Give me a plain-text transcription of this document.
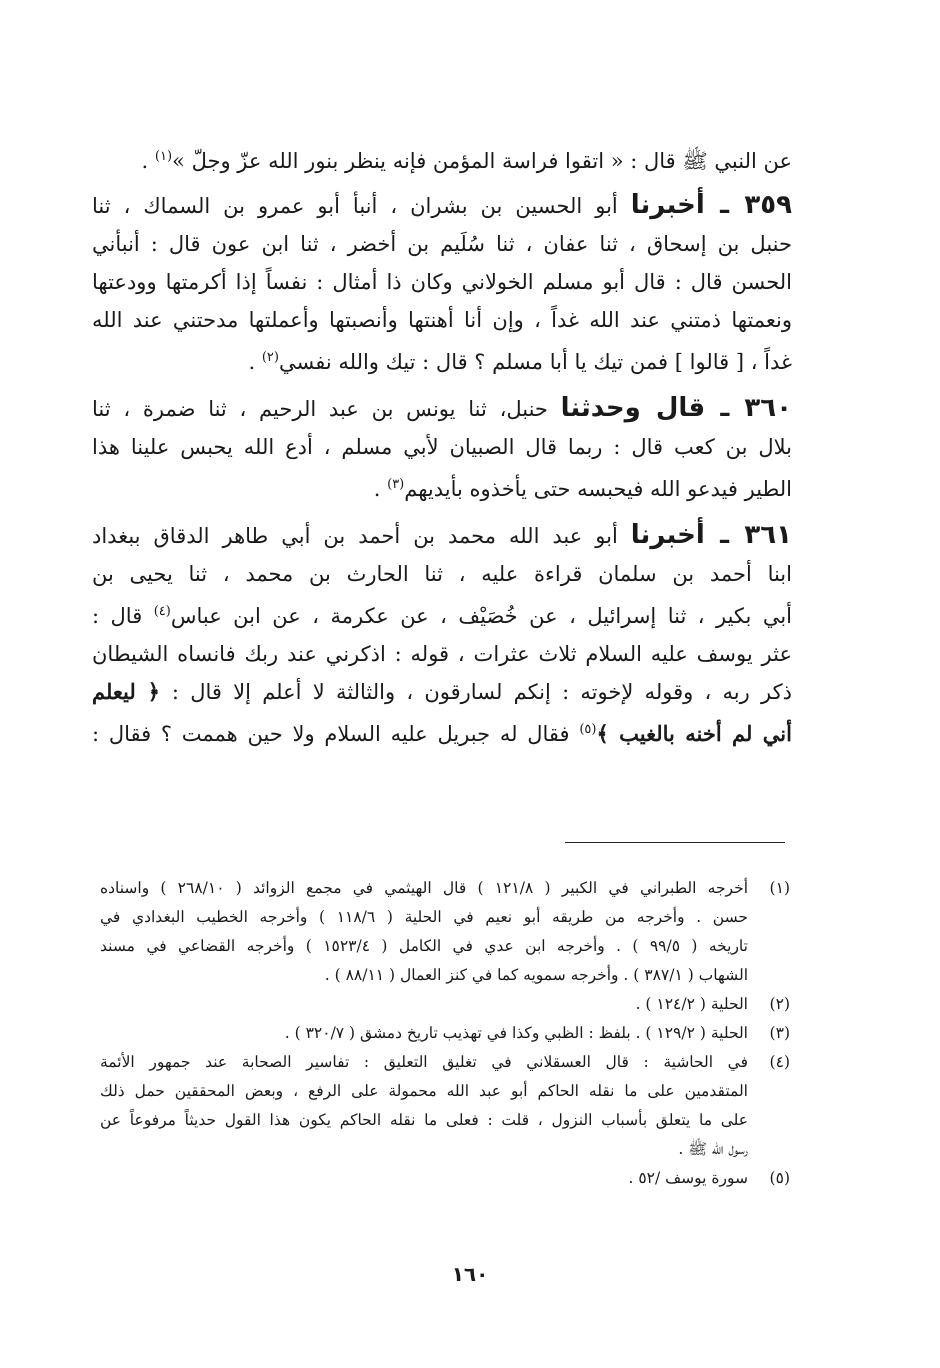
عن النبي ﷺ قال : « اتقوا فراسة المؤمن فإنه ينظر بنور الله عزّ وجلّ »$^{(١)}$ .
٣٥٩ ـ أخبرنا أبو الحسين بن بشران ، أنبأ أبو عمرو بن السماك ، ثنا
حنبل بن إسحاق ، ثنا عفان ، ثنا سُلَيم بن أخضر ، ثنا ابن عون قال : أنبأني
الحسن قال : قال أبو مسلم الخولاني وكان ذا أمثال : نفساً إذا أكرمتها وودعتها
ونعمتها ذمتني عند الله غداً ، وإن أنا أهنتها وأنصبتها وأعملتها مدحتني عند الله
غداً ، [ قالوا ] فمن تيك يا أبا مسلم ؟ قال : تيك والله نفسي$^{(٢)}$ .
٣٦٠ ـ قال وحدثنا حنبل، ثنا يونس بن عبد الرحيم ، ثنا ضمرة ، ثنا
بلال بن كعب قال : ربما قال الصبيان لأبي مسلم ، أدع الله يحبس علينا هذا
الطير فيدعو الله فيحبسه حتى يأخذوه بأيديهم$^{(٣)}$ .
٣٦١ ـ أخبرنا أبو عبد الله محمد بن أحمد بن أبي طاهر الدقاق ببغداد
ابنا أحمد بن سلمان قراءة عليه ، ثنا الحارث بن محمد ، ثنا يحيى بن
أبي بكير ، ثنا إسرائيل ، عن خُصَيْف ، عن عكرمة ، عن ابن عباس$^{(٤)}$ قال :
عثر يوسف عليه السلام ثلاث عثرات ، قوله : اذكرني عند ربك فانساه الشيطان
ذكر ربه ، وقوله لإخوته : إنكم لسارقون ، والثالثة لا أعلم إلا قال : ﴿ ليعلم
أني لم أخنه بالغيب ﴾$^{(٥)}$ فقال له جبريل عليه السلام ولا حين هممت ؟ فقال :
(١)
أخرجه الطبراني في الكبير ( ١٢١/٨ ) قال الهيثمي في مجمع الزوائد ( ٢٦٨/١٠ ) واسناده
حسن . وأخرجه من طريقه أبو نعيم في الحلية ( ١١٨/٦ ) وأخرجه الخطيب البغدادي في
تاريخه ( ٩٩/٥ ) . وأخرجه ابن عدي في الكامل ( ١٥٢٣/٤ ) وأخرجه القضاعي في مسند
الشهاب ( ٣٨٧/١ ) . وأخرجه سمويه كما في كنز العمال ( ٨٨/١١ ) .
(٢)
الحلية ( ١٢٤/٢ ) .
(٣)
الحلية ( ١٢٩/٢ ) . بلفظ : الظبي وكذا في تهذيب تاريخ دمشق ( ٣٢٠/٧ ) .
(٤)
في الحاشية : قال العسقلاني في تغليق التعليق : تفاسير الصحابة عند جمهور الأئمة
المتقدمين على ما نقله الحاكم أبو عبد الله محمولة على الرفع ، وبعض المحققين حمل ذلك
على ما يتعلق بأسباب النزول ، قلت : فعلى ما نقله الحاكم يكون هذا القول حديثاً مرفوعاً عن
رسول الله ﷺ .
(٥)
سورة يوسف /٥٢ .
١٦٠
